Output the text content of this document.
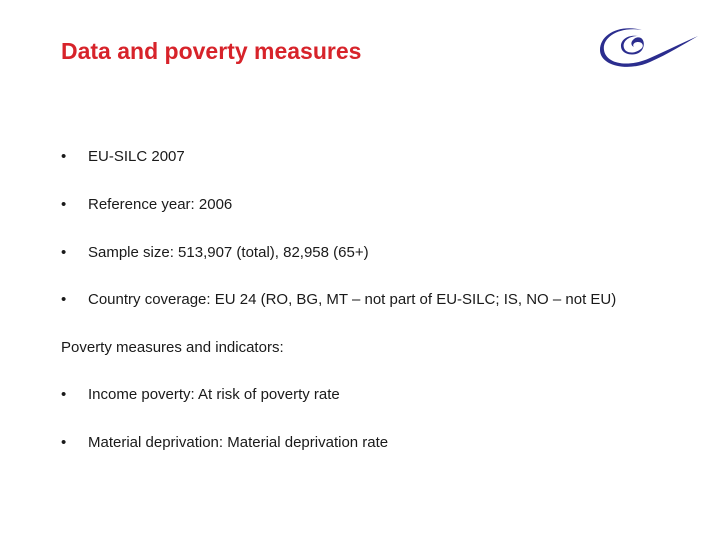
Data and poverty measures
• EU-SILC 2007
• Reference year: 2006
• Sample size: 513,907 (total), 82,958 (65+)
• Country coverage: EU 24 (RO, BG, MT – not part of EU-SILC; IS, NO – not EU)
Poverty measures and indicators:
• Income poverty: At risk of poverty rate
• Material deprivation: Material deprivation rate
